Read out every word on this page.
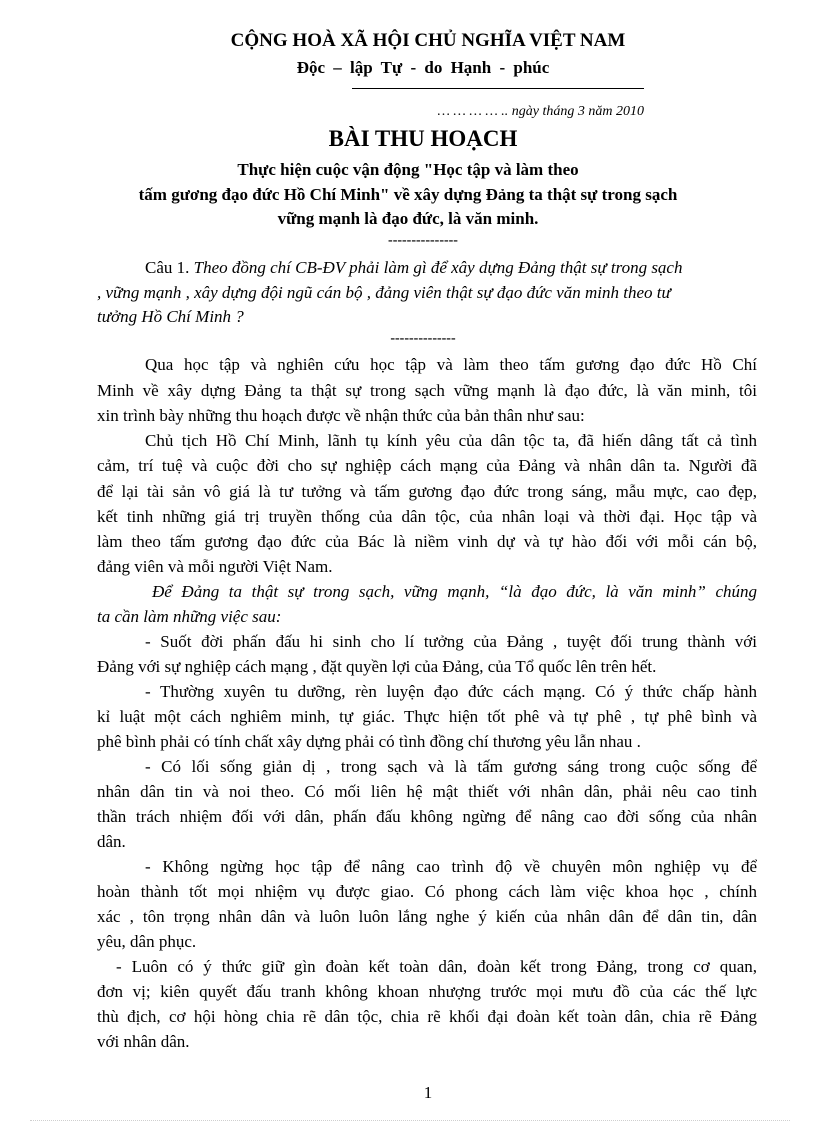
CỘNG HOÀ XÃ HỘI CHỦ NGHĨA VIỆT NAM
Độc – lập Tự - do Hạnh - phúc
… … … … .. ngày tháng 3 năm 2010
BÀI THU HOẠCH
Thực hiện cuộc vận động "Học tập và làm theo
tấm gương đạo đức Hồ Chí Minh" về xây dựng Đảng ta thật sự trong sạch
vững mạnh là đạo đức, là văn minh.
---------------
Câu 1. Theo đồng chí CB-ĐV phải làm gì để xây dựng Đảng thật sự trong sạch
, vững mạnh , xây dựng đội ngũ cán bộ , đảng viên thật sự đạo đức văn minh theo tư
tưởng Hồ Chí Minh ?
--------------
Qua học tập và nghiên cứu học tập và làm theo tấm gương đạo đức Hồ Chí
Minh về xây dựng Đảng ta thật sự trong sạch vững mạnh là đạo đức, là văn minh, tôi
xin trình bày những thu hoạch được về nhận thức của bản thân như sau:
Chủ tịch Hồ Chí Minh, lãnh tụ kính yêu của dân tộc ta, đã hiến dâng tất cả tình
cảm, trí tuệ và cuộc đời cho sự nghiệp cách mạng của Đảng và nhân dân ta. Người đã
để lại tài sản vô giá là tư tưởng và tấm gương đạo đức trong sáng, mẫu mực, cao đẹp,
kết tinh những giá trị truyền thống của dân tộc, của nhân loại và thời đại. Học tập và
làm theo tấm gương đạo đức của Bác là niềm vinh dự và tự hào đối với mỗi cán bộ,
đảng viên và mỗi người Việt Nam.
Để Đảng ta thật sự trong sạch, vững mạnh, “là đạo đức, là văn minh” chúng
ta cần làm những việc sau:
- Suốt đời phấn đấu hi sinh cho lí tưởng của Đảng , tuyệt đối trung thành với
Đảng với sự nghiệp cách mạng , đặt quyền lợi của Đảng, của Tổ quốc lên trên hết.
- Thường xuyên tu dưỡng, rèn luyện đạo đức cách mạng. Có ý thức chấp hành
kỉ luật một cách nghiêm minh, tự giác. Thực hiện tốt phê và tự phê , tự phê bình và
phê bình phải có tính chất xây dựng phải có tình đồng chí thương yêu lẫn nhau .
- Có lối sống giản dị , trong sạch và là tấm gương sáng trong cuộc sống để
nhân dân tin và noi theo. Có mối liên hệ mật thiết với nhân dân, phải nêu cao tinh
thần trách nhiệm đối với dân, phấn đấu không ngừng để nâng cao đời sống của nhân
dân.
- Không ngừng học tập để nâng cao trình độ về chuyên môn nghiệp vụ để
hoàn thành tốt mọi nhiệm vụ được giao. Có phong cách làm việc khoa học , chính
xác , tôn trọng nhân dân và luôn luôn lắng nghe ý kiến của nhân dân để dân tin, dân
yêu, dân phục.
- Luôn có ý thức giữ gìn đoàn kết toàn dân, đoàn kết trong Đảng, trong cơ quan,
đơn vị; kiên quyết đấu tranh không khoan nhượng trước mọi mưu đồ của các thế lực
thù địch, cơ hội hòng chia rẽ dân tộc, chia rẽ khối đại đoàn kết toàn dân, chia rẽ Đảng
với nhân dân.
1
